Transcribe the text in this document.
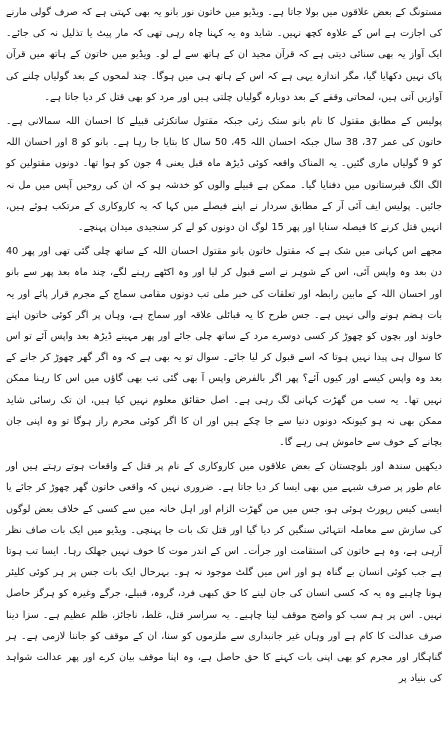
مستونگ کے بعض علاقوں میں بولا جاتا ہے۔ ویڈیو میں خاتون نور بانو یہ بھی کہتی ہے کہ صرف گولی مارنے کی اجازت ہے اس کے علاوہ کچھ نہیں۔ شاید وہ یہ کہنا چاہ رہی تھی کہ مار پیٹ یا تذلیل نہ کی جائے۔ ایک آواز یہ بھی سنائی دیتی ہے کہ قرآن مجید ان کے ہاتھ سے لے لو۔ ویڈیو میں خاتون کے ہاتھ میں قرآن پاک نہیں دکھایا گیا، مگر اندازہ یہی ہے کہ اس کے ہاتھ ہی میں ہوگا۔ چند لمحوں کے بعد گولیاں چلنے کی آوازیں آتی ہیں، لمحاتی وقفے کے بعد دوبارہ گولیاں چلتی ہیں اور مرد کو بھی قتل کر دیا جاتا ہے۔

پولیس کے مطابق مقتول کا نام بانو ستک زئی جبکہ مقتول ساتکزئی قبیلے کا احسان اللہ سمالانی ہے۔ خاتون کی عمر 37، 38 سال جبکہ احسان اللہ 45، 50 سال کا بتایا جا رہا ہے۔ بانو کو 8 اور احسان اللہ کو 9 گولیاں ماری گئیں۔ یہ المناک واقعہ کوئی ڈیڑھ ماہ قبل یعنی 4 جون کو ہوا تھا۔ دونوں مقتولین کو الگ الگ قبرستانوں میں دفنایا گیا۔ ممکن ہے قبیلے والوں کو خدشہ ہو کہ ان کی روحیں آپس میں مل نہ جائیں۔ پولیس ایف آئی آر کے مطابق سردار نے اپنے فیصلے میں کہا کہ یہ کاروکاری کے مرتکب ہوئے ہیں، انہیں قتل کرنے کا فیصلہ سنایا اور پھر 15 لوگ ان دونوں کو لے کر سنجیدی میدان پہنچے۔

مجھے اس کہانی میں شک ہے کہ مقتول خاتون بانو مقتول احسان اللہ کے ساتھ چلی گئی تھی اور پھر 40 دن بعد وہ واپس آئی، اس کے شوہر نے اسے قبول کر لیا اور وہ اکٹھے رہنے لگے، چند ماہ بعد پھر سے بانو اور احسان اللہ کے مابین رابطہ اور تعلقات کی خبر ملی تب دونوں مقامی سماج کے مجرم قرار پائے اور یہ بات ہضم ہونے والی نہیں ہے۔ جس طرح کا یہ قبائلی علاقہ اور سماج ہے، وہاں پر اگر کوئی خاتون اپنے خاوند اور بچوں کو چھوڑ کر کسی دوسرے مرد کے ساتھ چلی جائے اور پھر مہینے ڈیڑھ بعد واپس آئے تو اس کا سوال ہی پیدا نہیں ہوتا کہ اسے قبول کر لیا جائے۔ سوال تو یہ بھی ہے کہ وہ اگر گھر چھوڑ کر جانے کے بعد وہ واپس کیسے اور کیوں آئے؟ پھر اگر بالفرض واپس آ بھی گئی تب بھی گاؤں میں اس کا رہنا ممکن نہیں تھا۔ یہ سب من گھڑت کہانی لگ رہی ہے۔ اصل حقائق معلوم نہیں کیا ہیں، ان تک رسائی شاید ممکن بھی نہ ہو کیونکہ دونوں دنیا سے جا چکے ہیں اور ان کا اگر کوئی محرم راز ہوگا تو وہ اپنی جان بچانے کے خوف سے خاموش ہی رہے گا۔

دیکھیں سندھ اور بلوچستان کے بعض علاقوں میں کاروکاری کے نام پر قتل کے واقعات ہوتے رہتے ہیں اور عام طور پر صرف شبہے میں بھی ایسا کر دیا جاتا ہے۔ ضروری نہیں کہ واقعی خاتون گھر چھوڑ کر جائے یا ایسی کیس رپورٹ ہوئی ہو، جس میں من گھڑت الزام اور اہل خانہ میں سے کسی کے خلاف بعض لوگوں کی سازش سے معاملہ انتہائی سنگین کر دیا گیا اور قتل تک بات جا پہنچی۔ ویڈیو میں ایک بات صاف نظر آرہی ہے، وہ ہے خاتون کی استقامت اور جرأت۔ اس کے اندر موت کا خوف نہیں جھلک رہا۔ ایسا تب ہوتا ہے جب کوئی انسان بے گناہ ہو اور اس میں گلٹ موجود نہ ہو۔ بہرحال ایک بات جس پر ہر کوئی کلیئر ہونا چاہیے وہ یہ کہ کسی انسان کی جان لینے کا حق کبھی فرد، گروہ، قبیلے، جرگے وغیرہ کو ہرگز حاصل نہیں۔ اس پر ہم سب کو واضح موقف لینا چاہیے۔ یہ سراسر قتل، غلط، ناجائز، ظلم عظیم ہے۔ سزا دینا صرف عدالت کا کام ہے اور وہاں غیر جانبداری سے ملزموں کو سنا، ان کے موقف کو جاننا لازمی ہے۔ ہر گناہگار اور مجرم کو بھی اپنی بات کہنے کا حق حاصل ہے، وہ اپنا موقف بیان کرے اور پھر عدالت شواہد کی بنیاد پر
